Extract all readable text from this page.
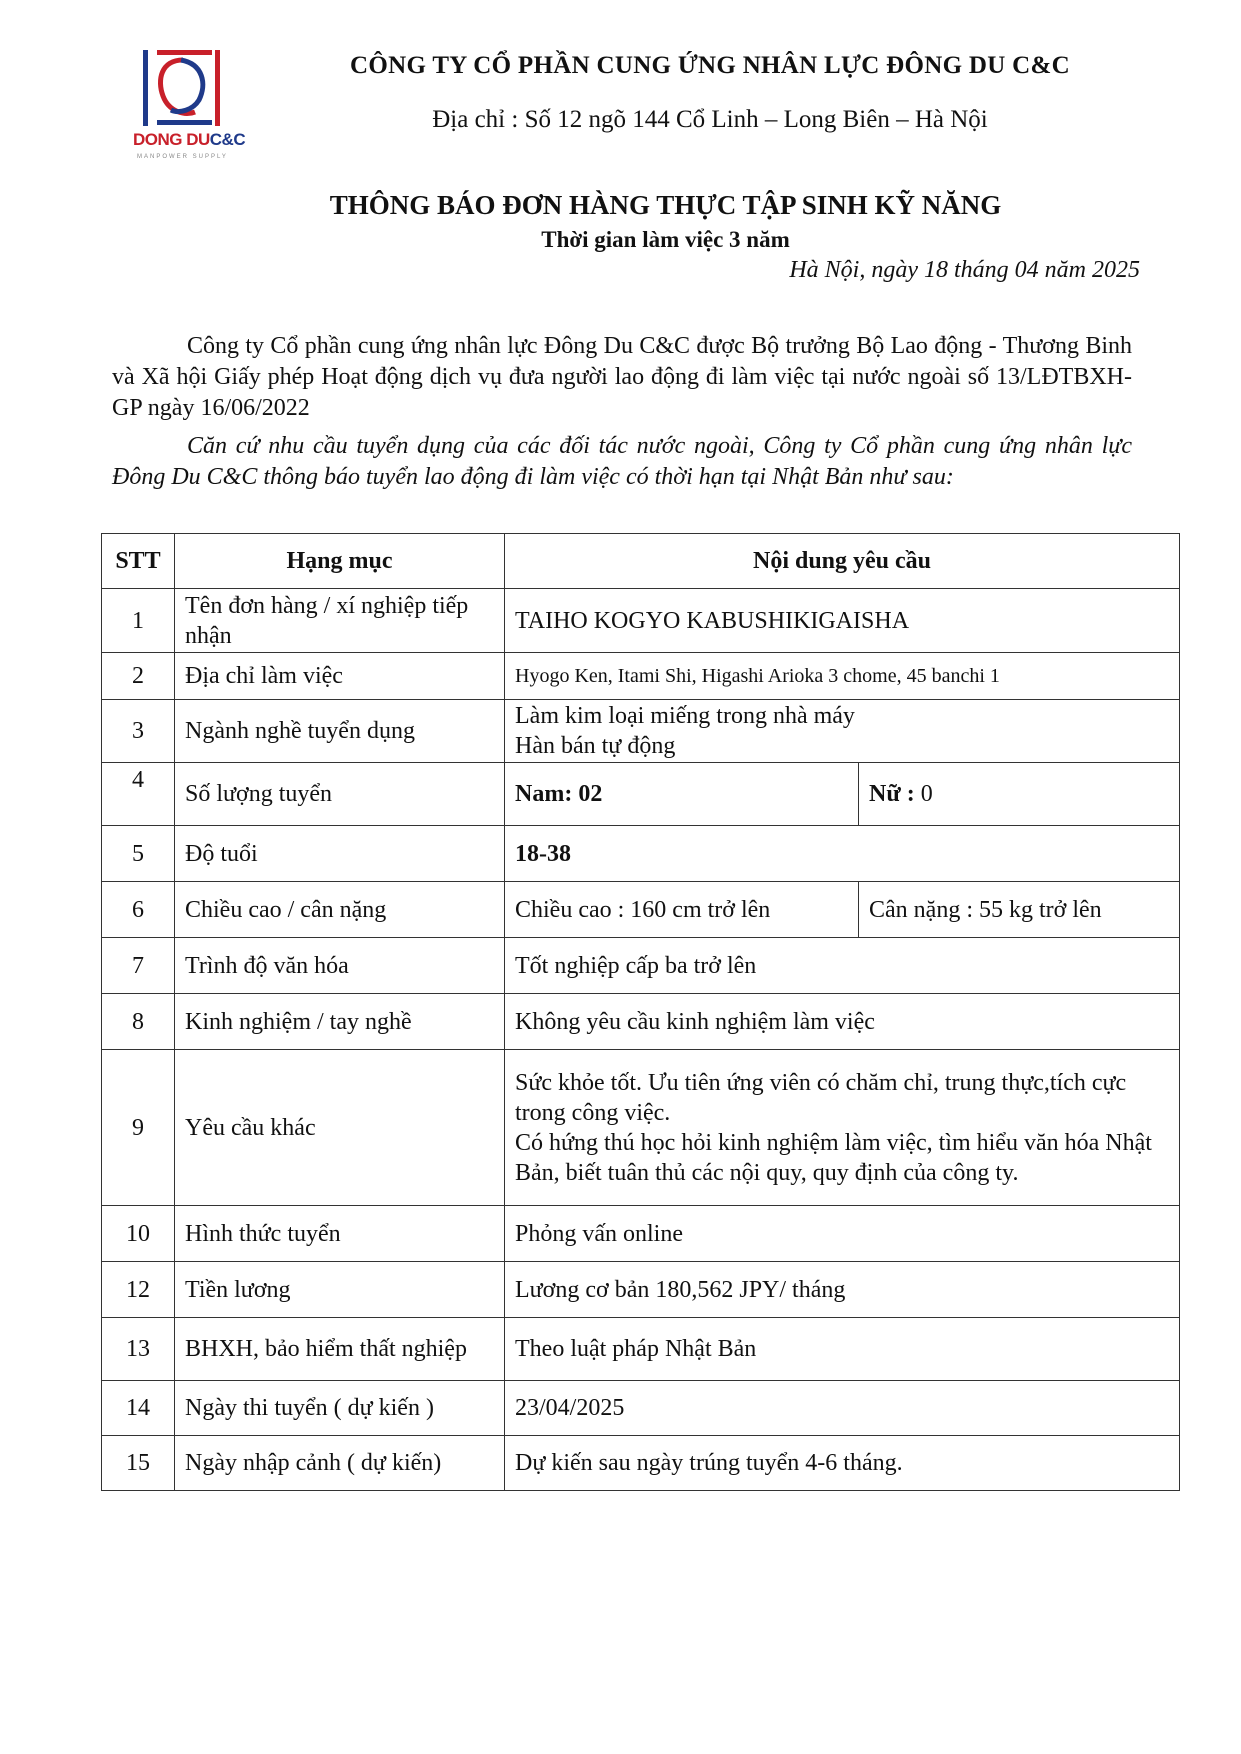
DONG DUC&C
MANPOWER SUPPLY
CÔNG TY CỔ PHẦN CUNG ỨNG NHÂN LỰC ĐÔNG DU C&C
Địa chỉ : Số 12 ngõ 144 Cổ Linh – Long Biên – Hà Nội
THÔNG BÁO ĐƠN HÀNG THỰC TẬP SINH KỸ NĂNG
Thời gian làm việc 3 năm
Hà Nội, ngày 18 tháng 04 năm 2025
Công ty Cổ phần cung ứng nhân lực Đông Du C&C được Bộ trưởng Bộ Lao động - Thương Binh và Xã hội Giấy phép Hoạt động dịch vụ đưa người lao động đi làm việc tại nước ngoài số 13/LĐTBXH-GP ngày 16/06/2022
Căn cứ nhu cầu tuyển dụng của các đối tác nước ngoài, Công ty Cổ phần cung ứng nhân lực Đông Du C&C thông báo tuyển lao động đi làm việc có thời hạn tại Nhật Bản như sau:
STT	Hạng mục	Nội dung yêu cầu	
1	Tên đơn hàng / xí nghiệp tiếp nhận	TAIHO KOGYO KABUSHIKIGAISHA	
2	Địa chỉ làm việc	Hyogo Ken, Itami Shi, Higashi Arioka 3 chome, 45 banchi 1	
3	Ngành nghề tuyển dụng	Làm kim loại miếng trong nhà máy
Hàn bán tự động	

4	Số lượng tuyển	Nam: 02	Nữ : 0
5	Độ tuổi	18-38	
6	Chiều cao / cân nặng	Chiều cao : 160 cm trở lên	Cân nặng : 55 kg trở lên
7	Trình độ văn hóa	Tốt nghiệp cấp ba trở lên	
8	Kinh nghiệm / tay nghề	Không yêu cầu kinh nghiệm làm việc	
9	Yêu cầu khác	Sức khỏe tốt. Ưu tiên ứng viên có chăm chỉ, trung thực,tích cực trong công việc.
Có hứng thú học hỏi kinh nghiệm làm việc, tìm hiểu văn hóa Nhật Bản, biết tuân thủ các nội quy, quy định của công ty.	

10	Hình thức tuyển	Phỏng vấn online	
12	Tiền lương	Lương cơ bản 180,562 JPY/ tháng	
13	BHXH, bảo hiểm thất nghiệp	Theo luật pháp Nhật Bản	
14	Ngày thi tuyển ( dự kiến )	23/04/2025	
15	Ngày nhập cảnh ( dự kiến)	Dự kiến sau ngày trúng tuyển 4-6 tháng.	
